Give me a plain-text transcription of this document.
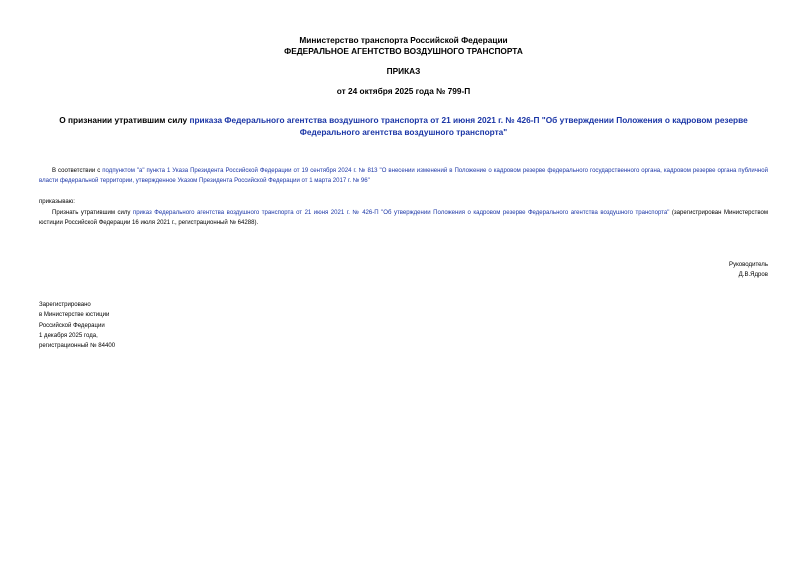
Министерство транспорта Российской Федерации
ФЕДЕРАЛЬНОЕ АГЕНТСТВО ВОЗДУШНОГО ТРАНСПОРТА
ПРИКАЗ
от 24 октября 2025 года № 799-П
О признании утратившим силу приказа Федерального агентства воздушного транспорта от 21 июня 2021 г. № 426-П "Об утверждении Положения о кадровом резерве Федерального агентства воздушного транспорта"
В соответствии с подпунктом "а" пункта 1 Указа Президента Российской Федерации от 19 сентября 2024 г. № 813 "О внесении изменений в Положение о кадровом резерве федерального государственного органа, кадровом резерве органа публичной власти федеральной территории, утвержденное Указом Президента Российской Федерации от 1 марта 2017 г. № 96"
приказываю:
Признать утратившим силу приказ Федерального агентства воздушного транспорта от 21 июня 2021 г. № 426-П "Об утверждении Положения о кадровом резерве Федерального агентства воздушного транспорта" (зарегистрирован Министерством юстиции Российской Федерации 16 июля 2021 г., регистрационный № 64288).
Руководитель
Д.В.Ядров
Зарегистрировано
в Министерстве юстиции
Российской Федерации
1 декабря 2025 года,
регистрационный № 84400
